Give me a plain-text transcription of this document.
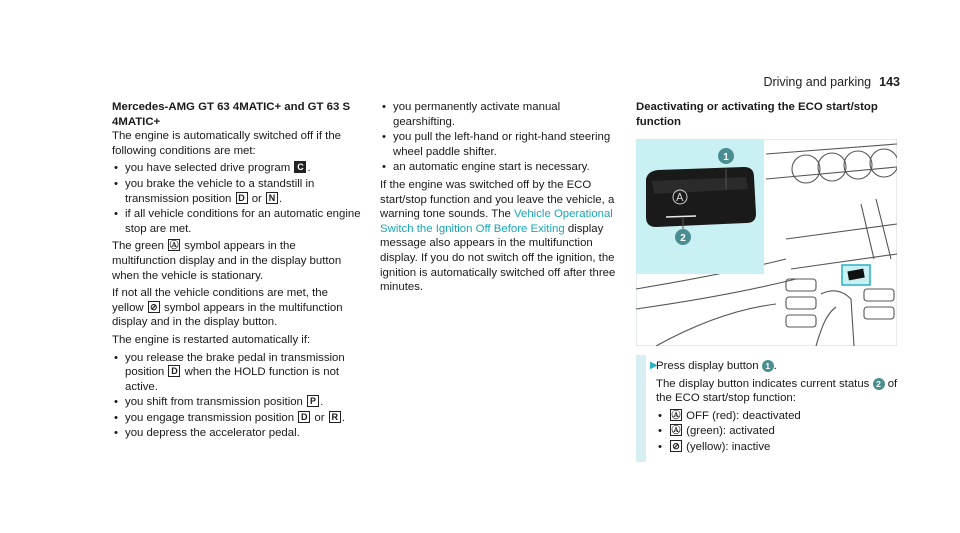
Driving and parking 143

Mercedes-AMG GT 63 4MATIC+ and GT 63 S 4MATIC+

The engine is automatically switched off if the following conditions are met:

• you have selected drive program C .
• you brake the vehicle to a standstill in transmission position D or N .
• if all vehicle conditions for an automatic engine stop are met.

The green Ⓐ symbol appears in the multifunction display and in the display button when the vehicle is stationary.

If not all the vehicle conditions are met, the yellow ⊘ symbol appears in the multifunction display and in the display button.

The engine is restarted automatically if:

• you release the brake pedal in transmission position D when the HOLD function is not active.
• you shift from transmission position P .
• you engage transmission position D or R .
• you depress the accelerator pedal.
• you permanently activate manual gearshifting.
• you pull the left-hand or right-hand steering wheel paddle shifter.
• an automatic engine start is necessary.

If the engine was switched off by the ECO start/stop function and you leave the vehicle, a warning tone sounds. The Vehicle Operational Switch the Ignition Off Before Exiting display message also appears in the multifunction display. If you do not switch off the ignition, the ignition is automatically switched off after three minutes.

Deactivating or activating the ECO start/stop function

A
1
2
▶

Press display button 1 .

The display button indicates current status 2 of the ECO start/stop function:

• Ⓐ OFF (red): deactivated
• Ⓐ (green): activated
• ⊘ (yellow): inactive
